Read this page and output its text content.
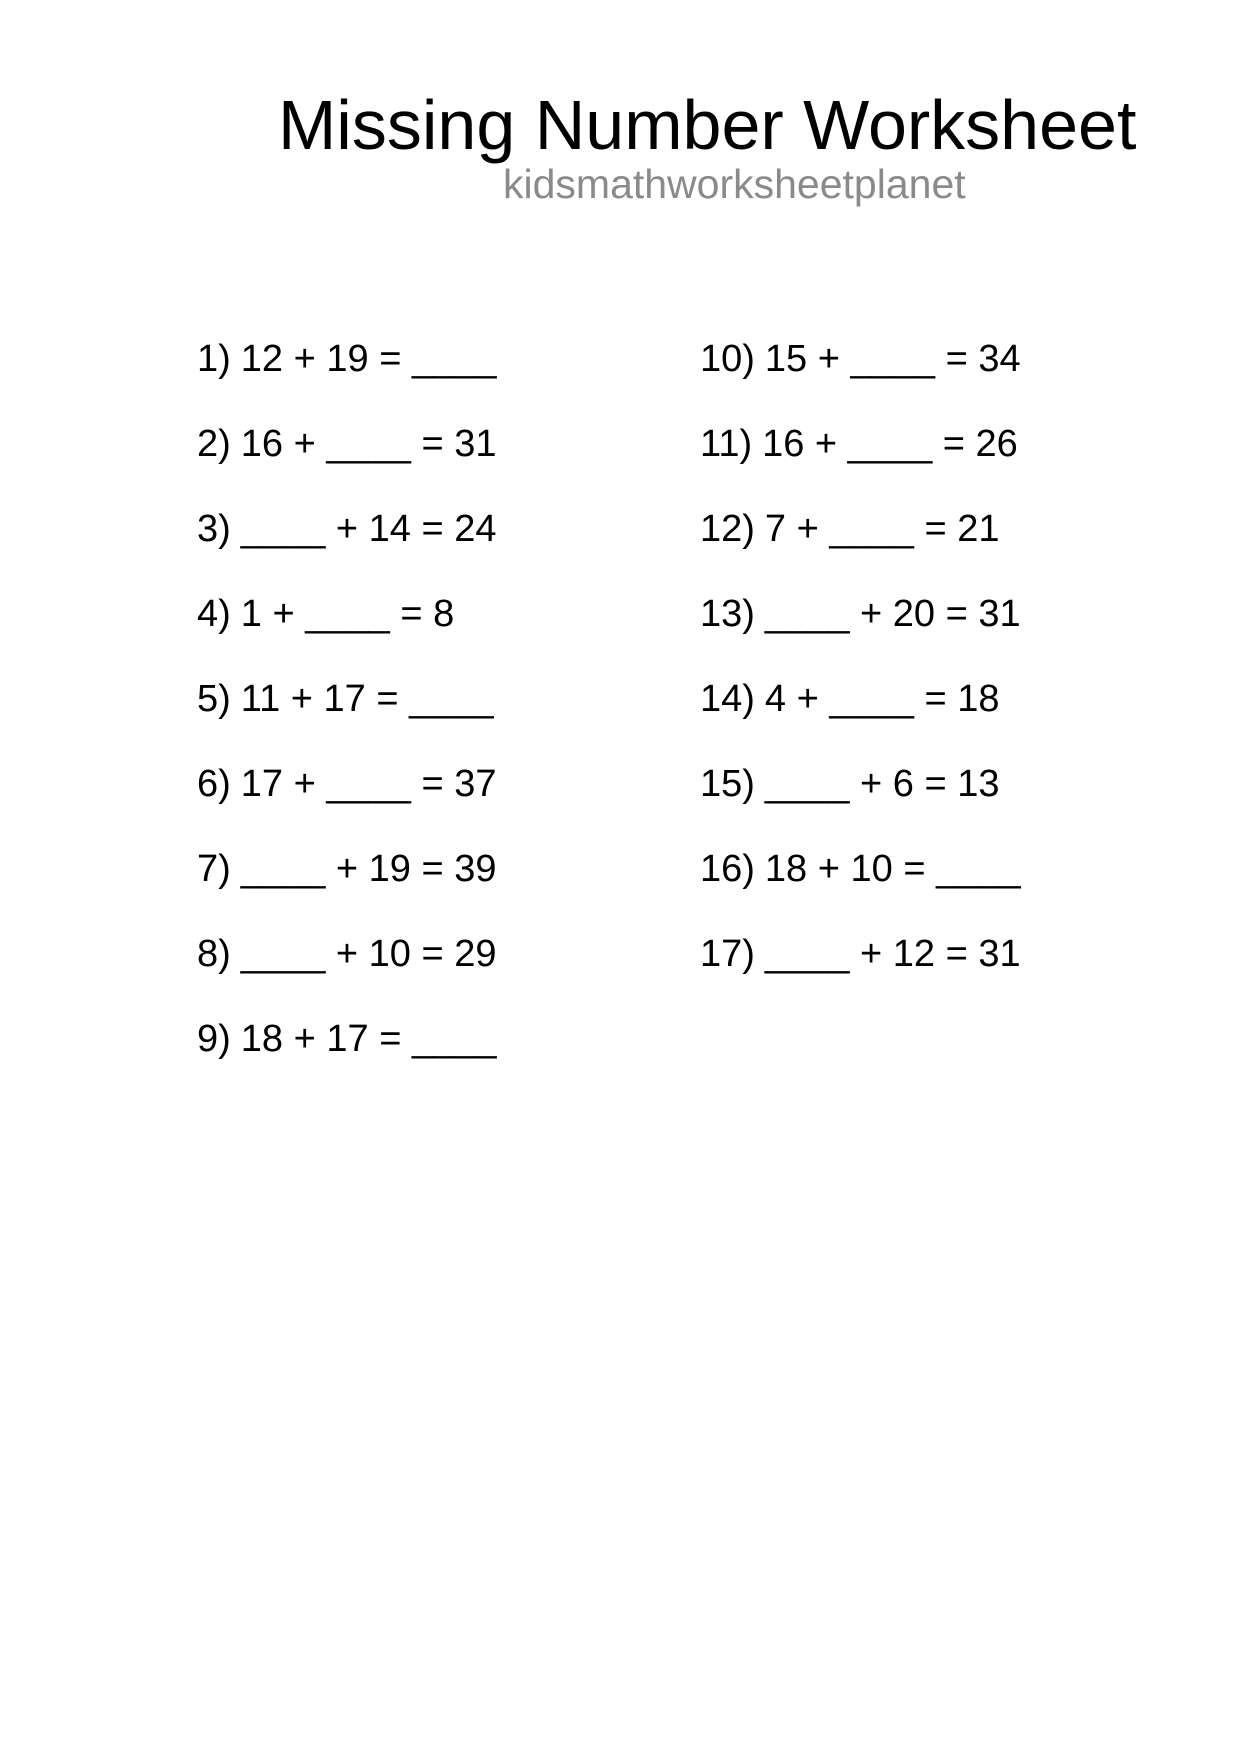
Missing Number Worksheet
kidsmathworksheetplanet
1) 12 + 19 = ____
2) 16 + ____ = 31
3) ____ + 14 = 24
4) 1 + ____ = 8
5) 11 + 17 = ____
6) 17 + ____ = 37
7) ____ + 19 = 39
8) ____ + 10 = 29
9) 18 + 17 = ____
10) 15 + ____ = 34
11) 16 + ____ = 26
12) 7 + ____ = 21
13) ____ + 20 = 31
14) 4 + ____ = 18
15) ____ + 6 = 13
16) 18 + 10 = ____
17) ____ + 12 = 31
